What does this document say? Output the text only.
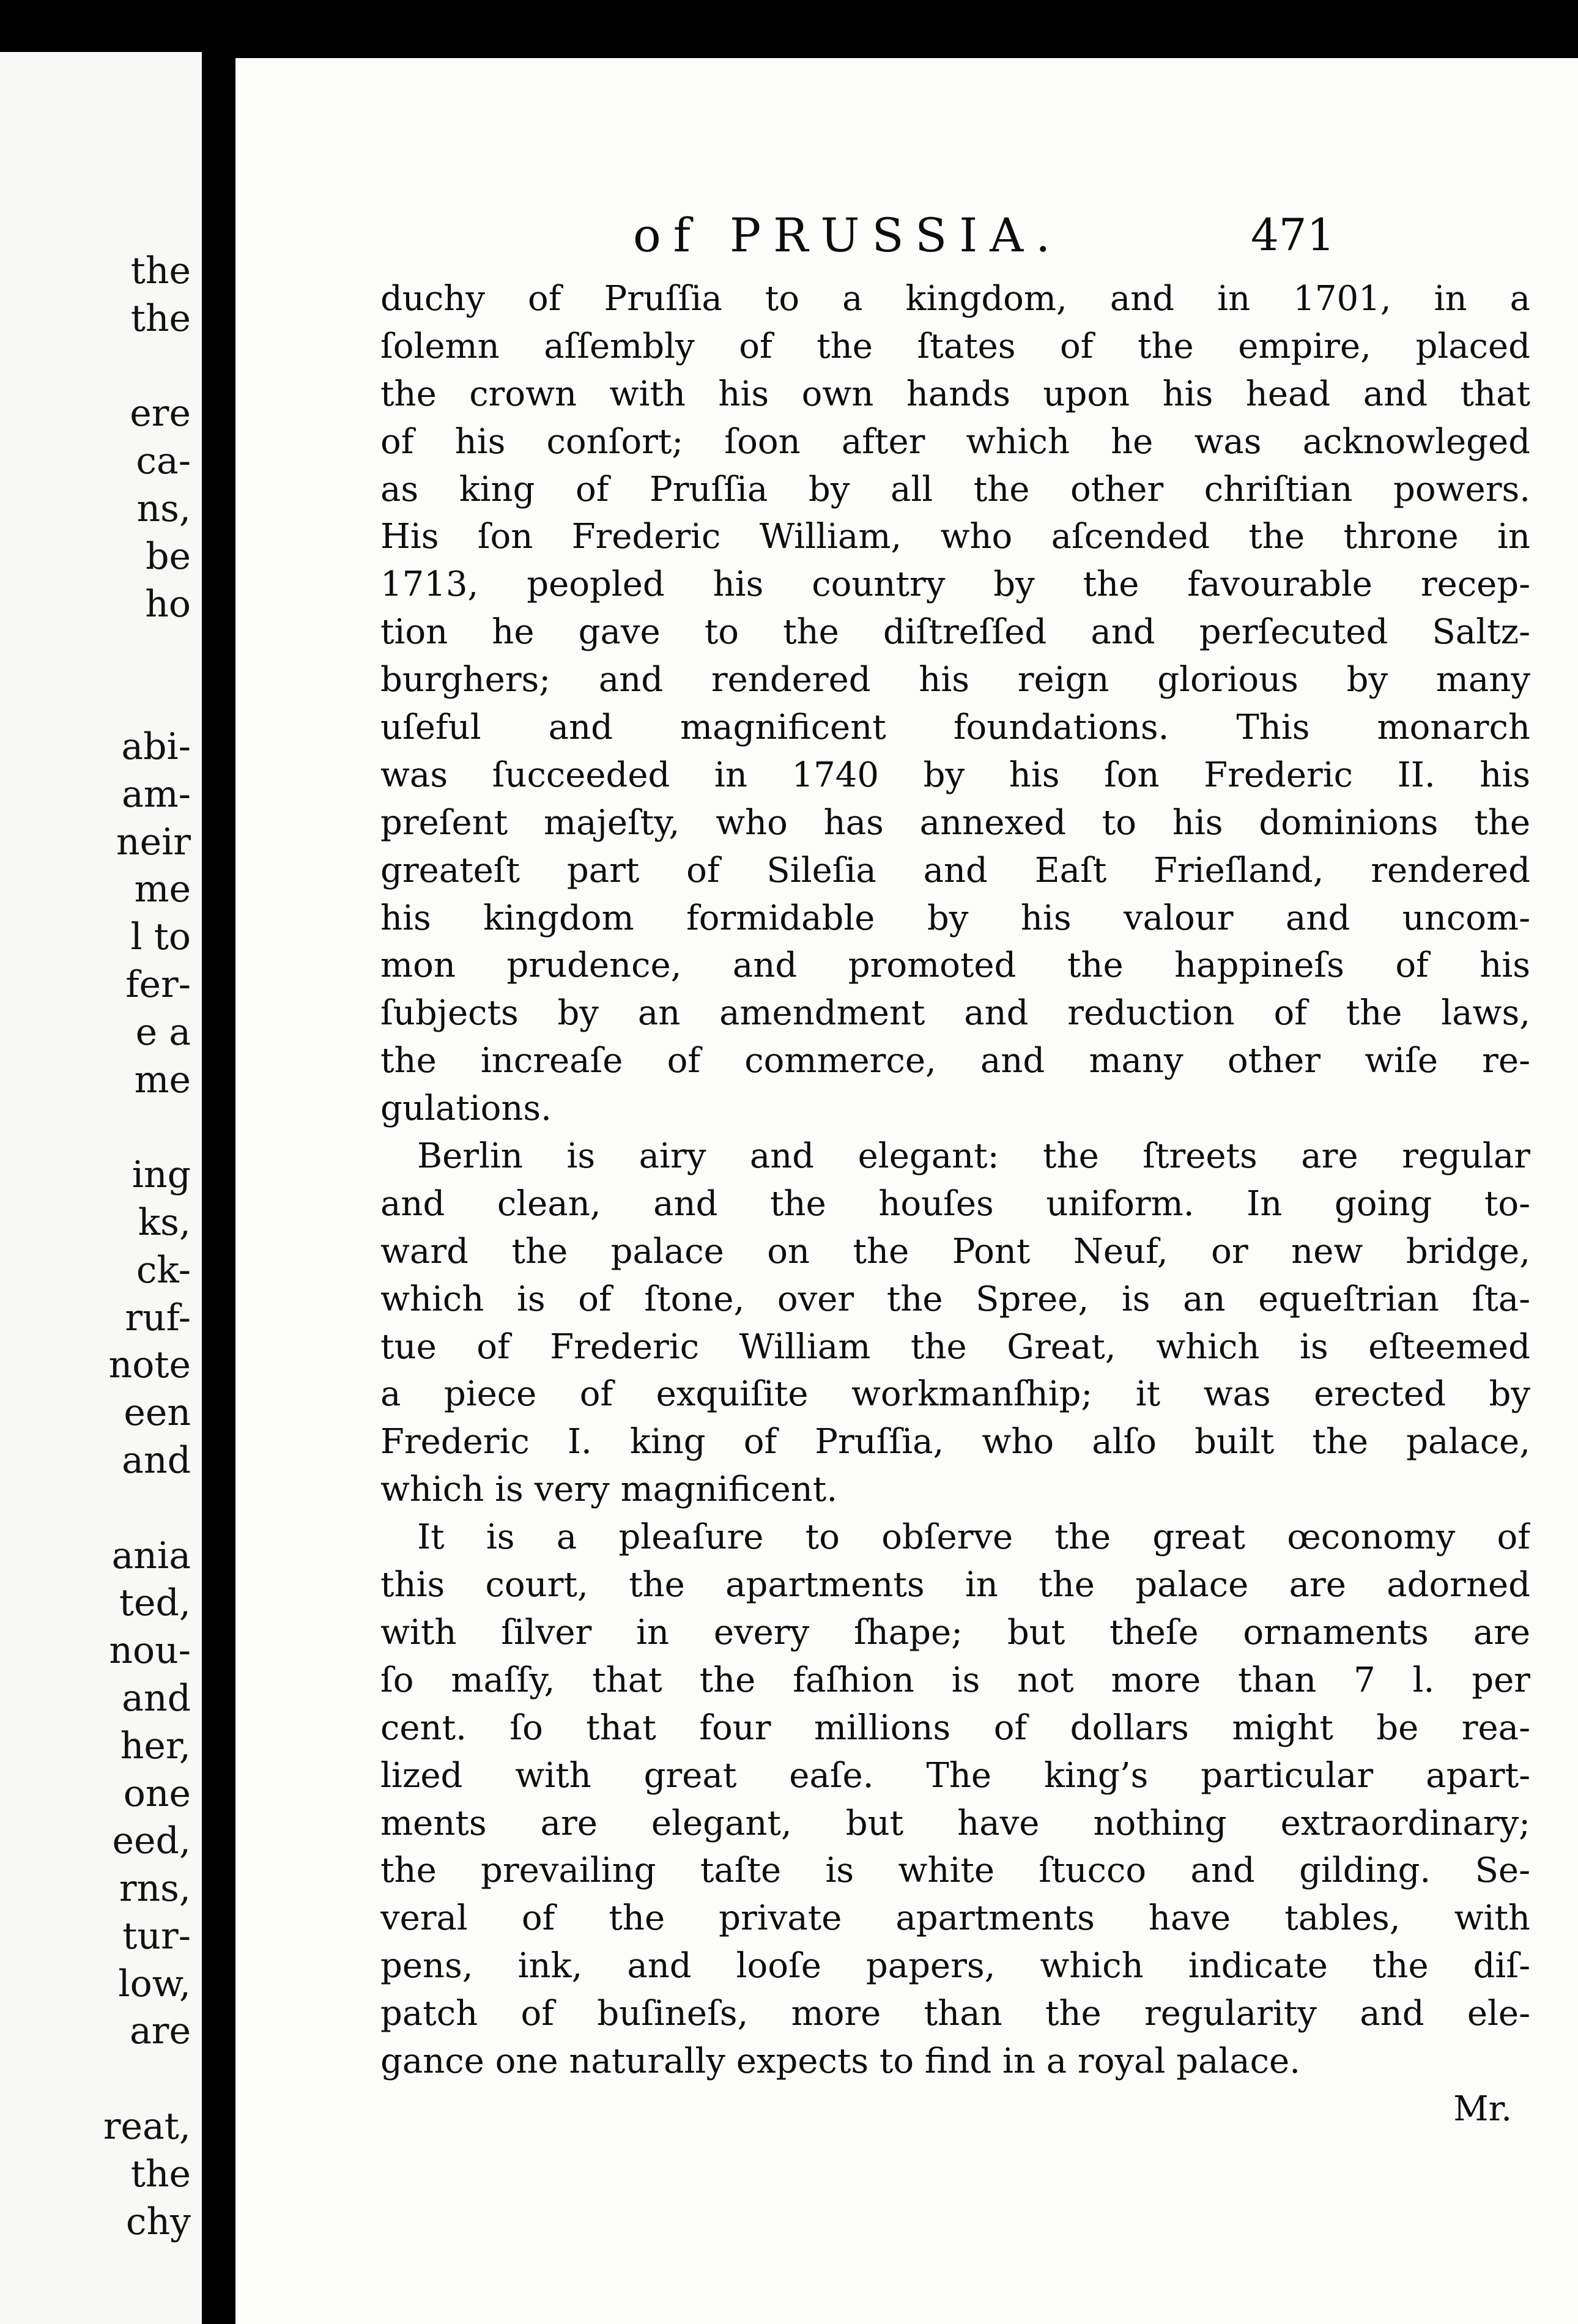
the
the
ere
ca-
ns,
be
ho
abi-
am-
neir
me
l to
fer-
e a
me
ing
ks,
ck-
ruf-
note
een
and
ania
ted,
nou-
and
her,
one
eed,
rns,
tur-
low,
are
reat,
the
chy
of PRUSSIA.	471
duchy of Pruſſia to a kingdom, and in 1701, in a
ſolemn aſſembly of the ſtates of the empire, placed
the crown with his own hands upon his head and that
of his conſort; ſoon after which he was acknowleged
as king of Pruſſia by all the other chriſtian powers.
His ſon Frederic William, who aſcended the throne in
1713, peopled his country by the favourable recep-
tion he gave to the diſtreſſed and perſecuted Saltz-
burghers; and rendered his reign glorious by many
uſeful and magnificent foundations. This monarch
was ſucceeded in 1740 by his ſon Frederic II. his
preſent majeſty, who has annexed to his dominions the
greateſt part of Sileſia and Eaſt Frieſland, rendered
his kingdom formidable by his valour and uncom-
mon prudence, and promoted the happineſs of his
ſubjects by an amendment and reduction of the laws,
the increaſe of commerce, and many other wiſe re-
gulations.
Berlin is airy and elegant: the ſtreets are regular
and clean, and the houſes uniform. In going to-
ward the palace on the Pont Neuf, or new bridge,
which is of ſtone, over the Spree, is an equeſtrian ſta-
tue of Frederic William the Great, which is eſteemed
a piece of exquiſite workmanſhip; it was erected by
Frederic I. king of Pruſſia, who alſo built the palace,
which is very magnificent.
It is a pleaſure to obſerve the great œconomy of
this court, the apartments in the palace are adorned
with ſilver in every ſhape; but theſe ornaments are
ſo maſſy, that the faſhion is not more than 7 l. per
cent. ſo that four millions of dollars might be rea-
lized with great eaſe. The king’s particular apart-
ments are elegant, but have nothing extraordinary;
the prevailing taſte is white ſtucco and gilding. Se-
veral of the private apartments have tables, with
pens, ink, and looſe papers, which indicate the diſ-
patch of buſineſs, more than the regularity and ele-
gance one naturally expects to find in a royal palace.
Mr.
